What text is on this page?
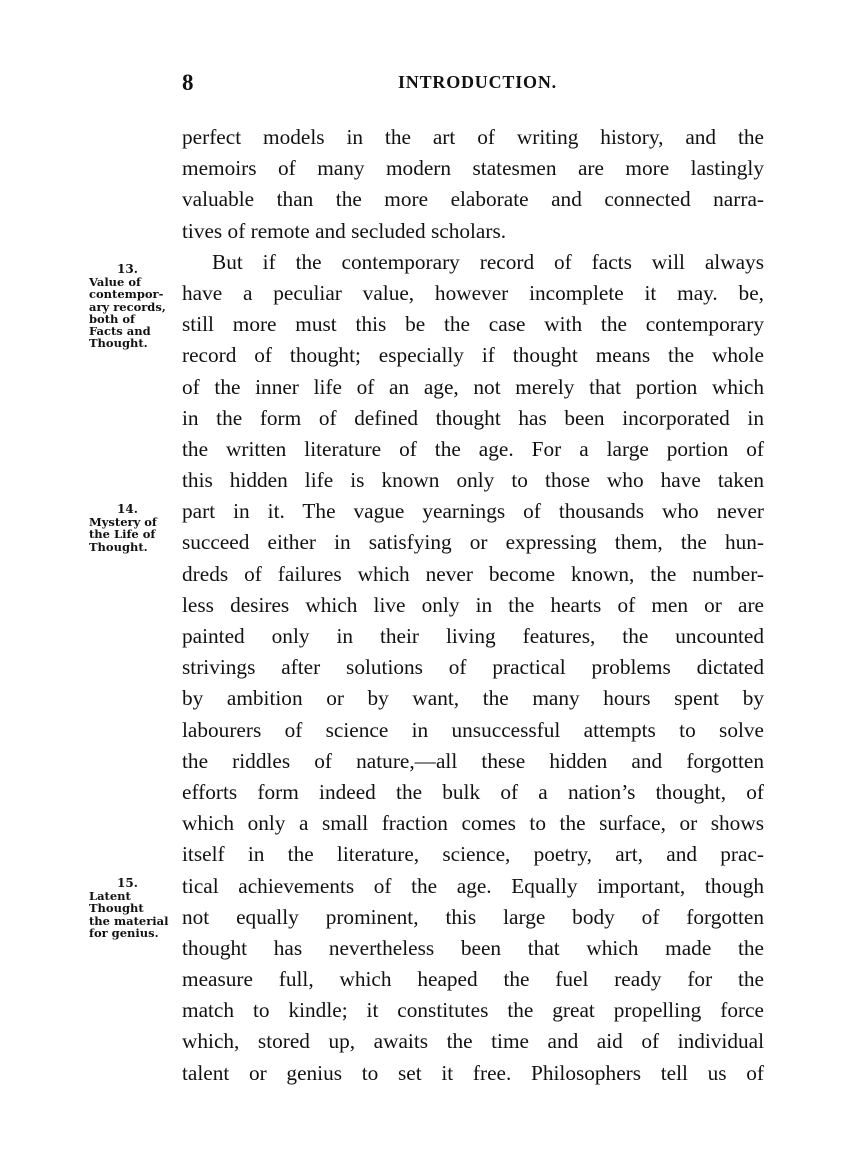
8	INTRODUCTION.
13.
Value of
contempor-
ary records,
both of
Facts and
Thought.
14.
Mystery of
the Life of
Thought.
15.
Latent
Thought
the material
for genius.
perfect models in the art of writing history, and the
memoirs of many modern statesmen are more lastingly
valuable than the more elaborate and connected narra-
tives of remote and secluded scholars.
But if the contemporary record of facts will always
have a peculiar value, however incomplete it may. be,
still more must this be the case with the contemporary
record of thought; especially if thought means the whole
of the inner life of an age, not merely that portion which
in the form of defined thought has been incorporated in
the written literature of the age. For a large portion of
this hidden life is known only to those who have taken
part in it. The vague yearnings of thousands who never
succeed either in satisfying or expressing them, the hun-
dreds of failures which never become known, the number-
less desires which live only in the hearts of men or are
painted only in their living features, the uncounted
strivings after solutions of practical problems dictated
by ambition or by want, the many hours spent by
labourers of science in unsuccessful attempts to solve
the riddles of nature,—all these hidden and forgotten
efforts form indeed the bulk of a nation’s thought, of
which only a small fraction comes to the surface, or shows
itself in the literature, science, poetry, art, and prac-
tical achievements of the age. Equally important, though
not equally prominent, this large body of forgotten
thought has nevertheless been that which made the
measure full, which heaped the fuel ready for the
match to kindle; it constitutes the great propelling force
which, stored up, awaits the time and aid of individual
talent or genius to set it free. Philosophers tell us of
